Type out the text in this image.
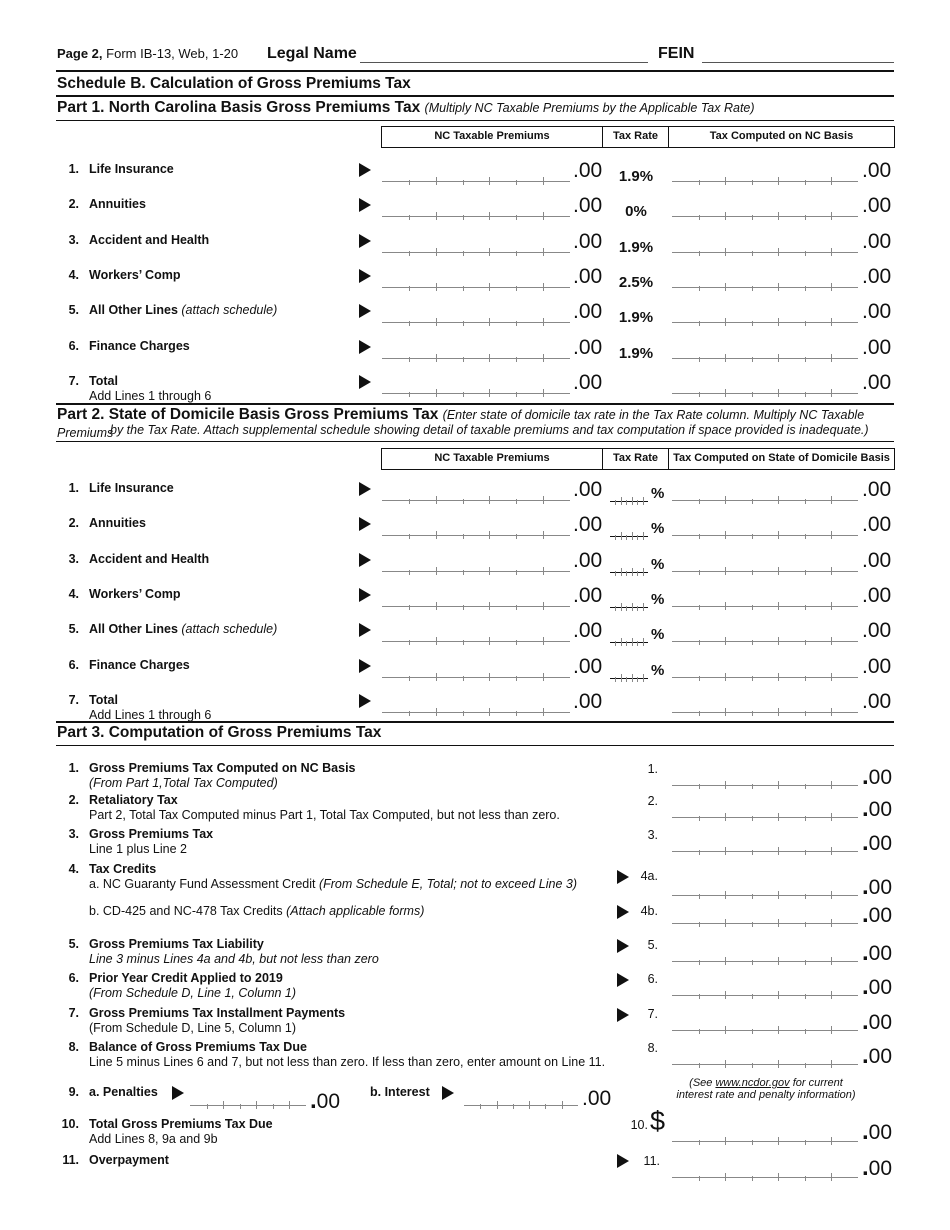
Page 2, Form IB-13, Web, 1-20 Legal Name	FEIN
Schedule B. Calculation of Gross Premiums Tax
Part 1. North Carolina Basis Gross Premiums Tax (Multiply NC Taxable Premiums by the Applicable Tax Rate)
NC Taxable Premiums	Tax Rate	Tax Computed on NC Basis
1. Life Insurance	.00	1.9%	.00
2. Annuities	.00	0%	.00
3. Accident and Health	.00	1.9%	.00
4. Workers’ Comp	.00	2.5%	.00
5. All Other Lines (attach schedule)	.00	1.9%	.00
6. Finance Charges	.00	1.9%	.00
7. Total
Add Lines 1 through 6
.00	.00
Part 2. State of Domicile Basis Gross Premiums Tax (Enter state of domicile tax rate in the Tax Rate column. Multiply NC Taxable Premiums
by the Tax Rate. Attach supplemental schedule showing detail of taxable premiums and tax computation if space provided is inadequate.)
NC Taxable Premiums	Tax Rate	Tax Computed on State of Domicile Basis
1. Life Insurance	.00	%	.00
2. Annuities	.00	%	.00
3. Accident and Health	.00	%	.00
4. Workers’ Comp	.00	%	.00
5. All Other Lines (attach schedule)	.00	%	.00
6. Finance Charges	.00	%	.00
7. Total
Add Lines 1 through 6
.00	.00
Part 3. Computation of Gross Premiums Tax
1. Gross Premiums Tax Computed on NC Basis
(From Part 1,Total Tax Computed)
1.	.00
2. Retaliatory Tax
Part 2, Total Tax Computed minus Part 1, Total Tax Computed, but not less than zero.
2.	.00
3. Gross Premiums Tax
Line 1 plus Line 2
3.	.00
4. Tax Credits
a. NC Guaranty Fund Assessment Credit (From Schedule E, Total; not to exceed Line 3)
4a.	.00
b. CD-425 and NC-478 Tax Credits (Attach applicable forms)	4b.	.00
5. Gross Premiums Tax Liability
Line 3 minus Lines 4a and 4b, but not less than zero
5.	.00
6. Prior Year Credit Applied to 2019
(From Schedule D, Line 1, Column 1)
6.	.00
7. Gross Premiums Tax Installment Payments
(From Schedule D, Line 5, Column 1)
7.	.00
8. Balance of Gross Premiums Tax Due
Line 5 minus Lines 6 and 7, but not less than zero. If less than zero, enter amount on Line 11.
8.	.00
9. a. Penalties	.00 b. Interest	.00
(See www.ncdor.gov for current
interest rate and penalty information)
10. Total Gross Premiums Tax Due
Add Lines 8, 9a and 9b
10. $	.00
11. Overpayment	11.	.00
